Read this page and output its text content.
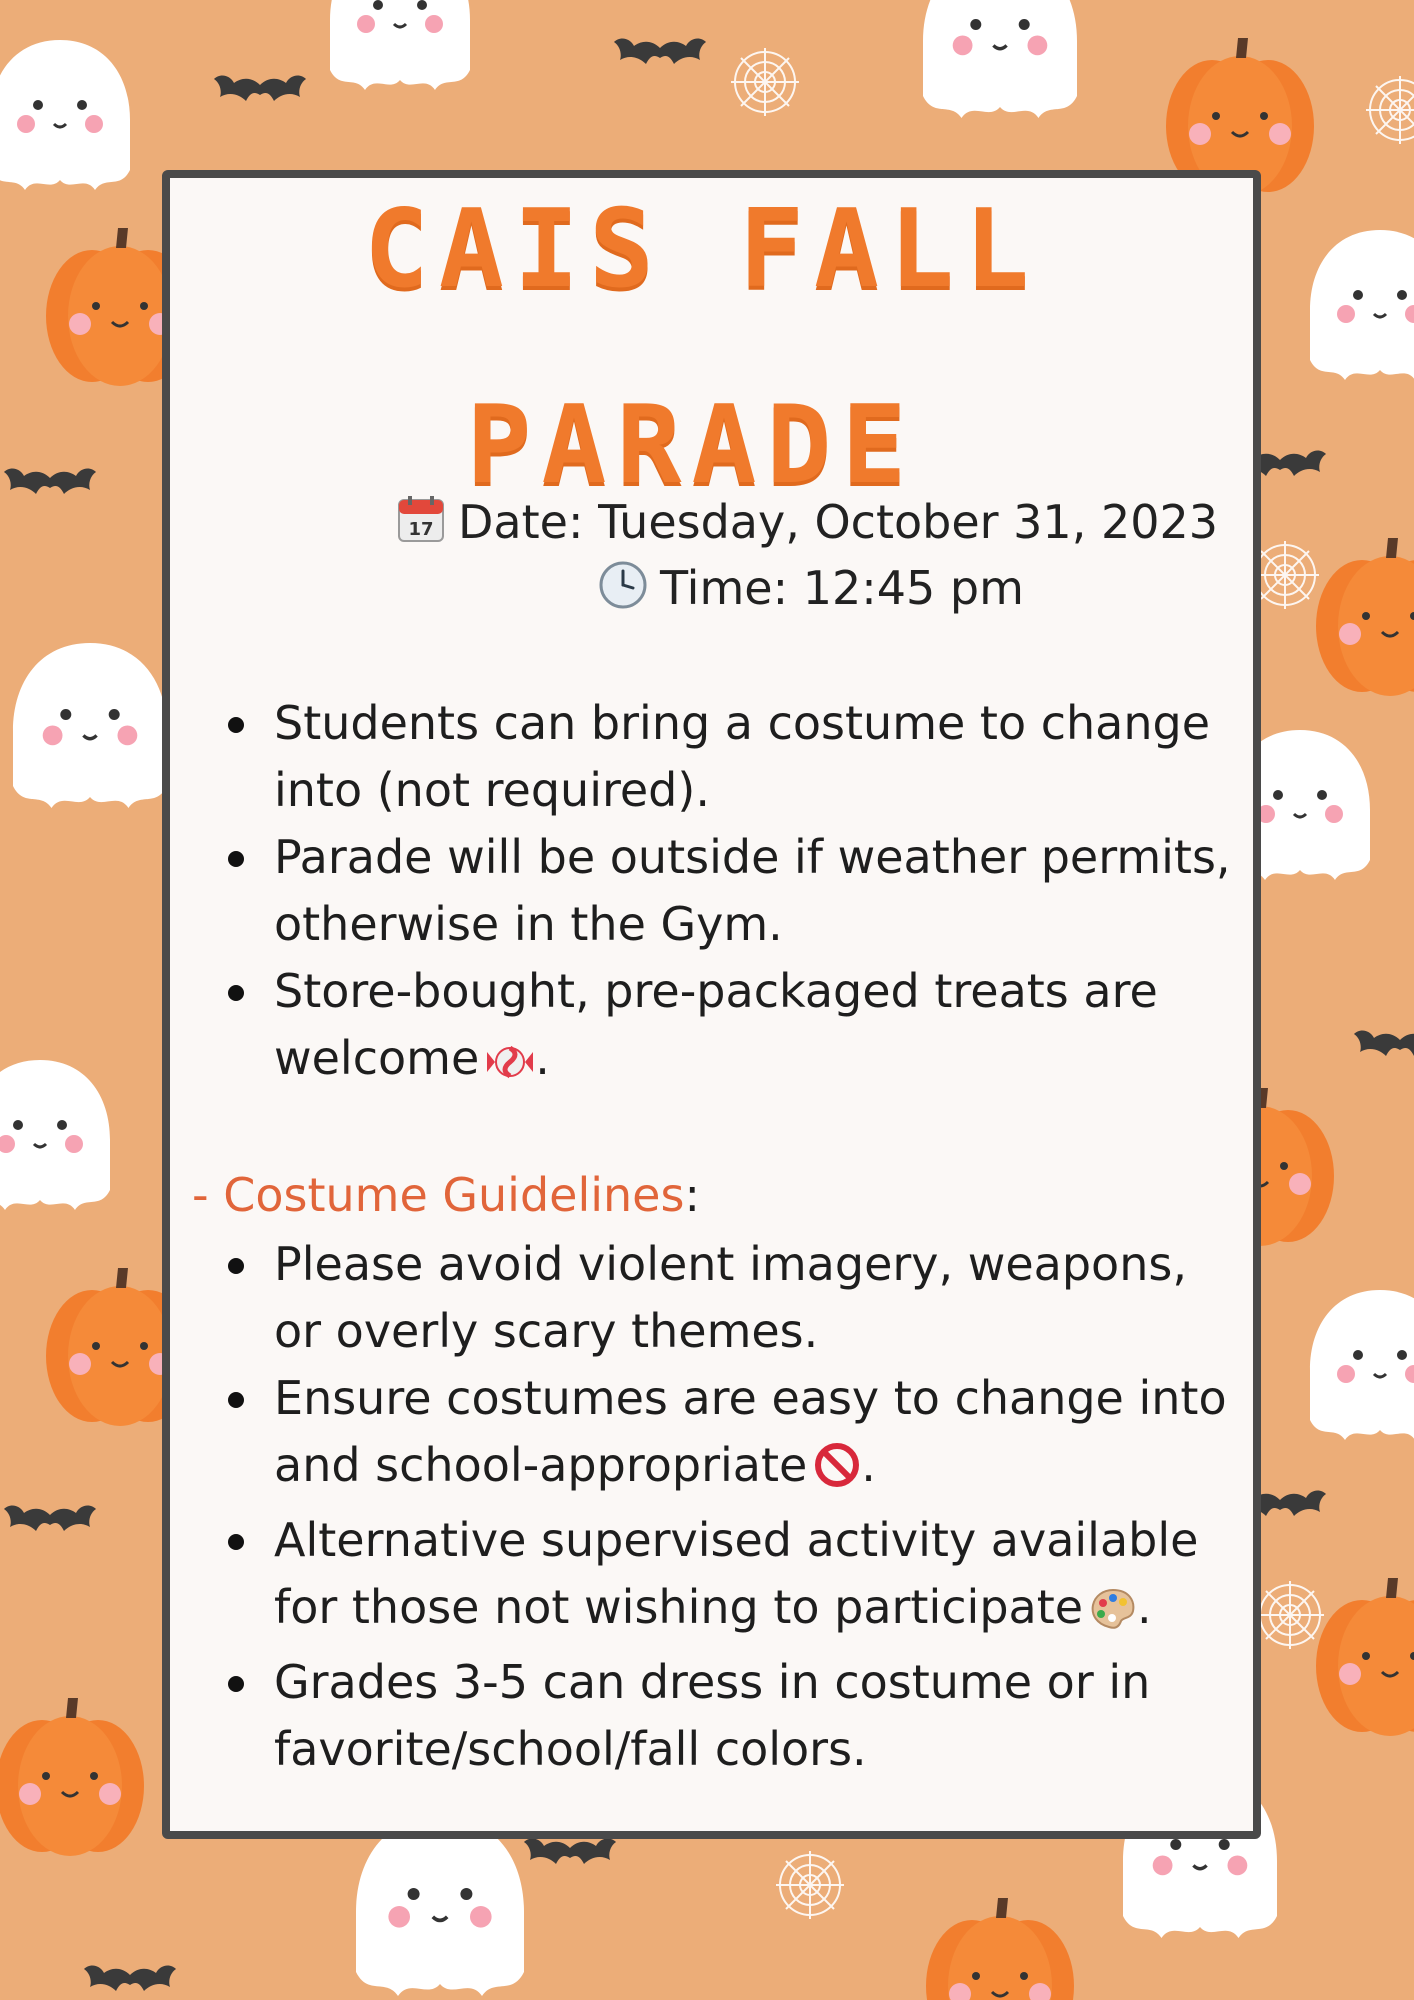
CAIS FALL
PARADE
17 Date: Tuesday, October 31, 2023
Time: 12:45 pm
Students can bring a costume to change into (not required).
Parade will be outside if weather permits, otherwise in the Gym.
Store-bought, pre-packaged treats are welcome .
- Costume Guidelines:
Please avoid violent imagery, weapons, or overly scary themes.
Ensure costumes are easy to change into and school-appropriate .
Alternative supervised activity available for those not wishing to participate .
Grades 3-5 can dress in costume or in favorite/school/fall colors.
